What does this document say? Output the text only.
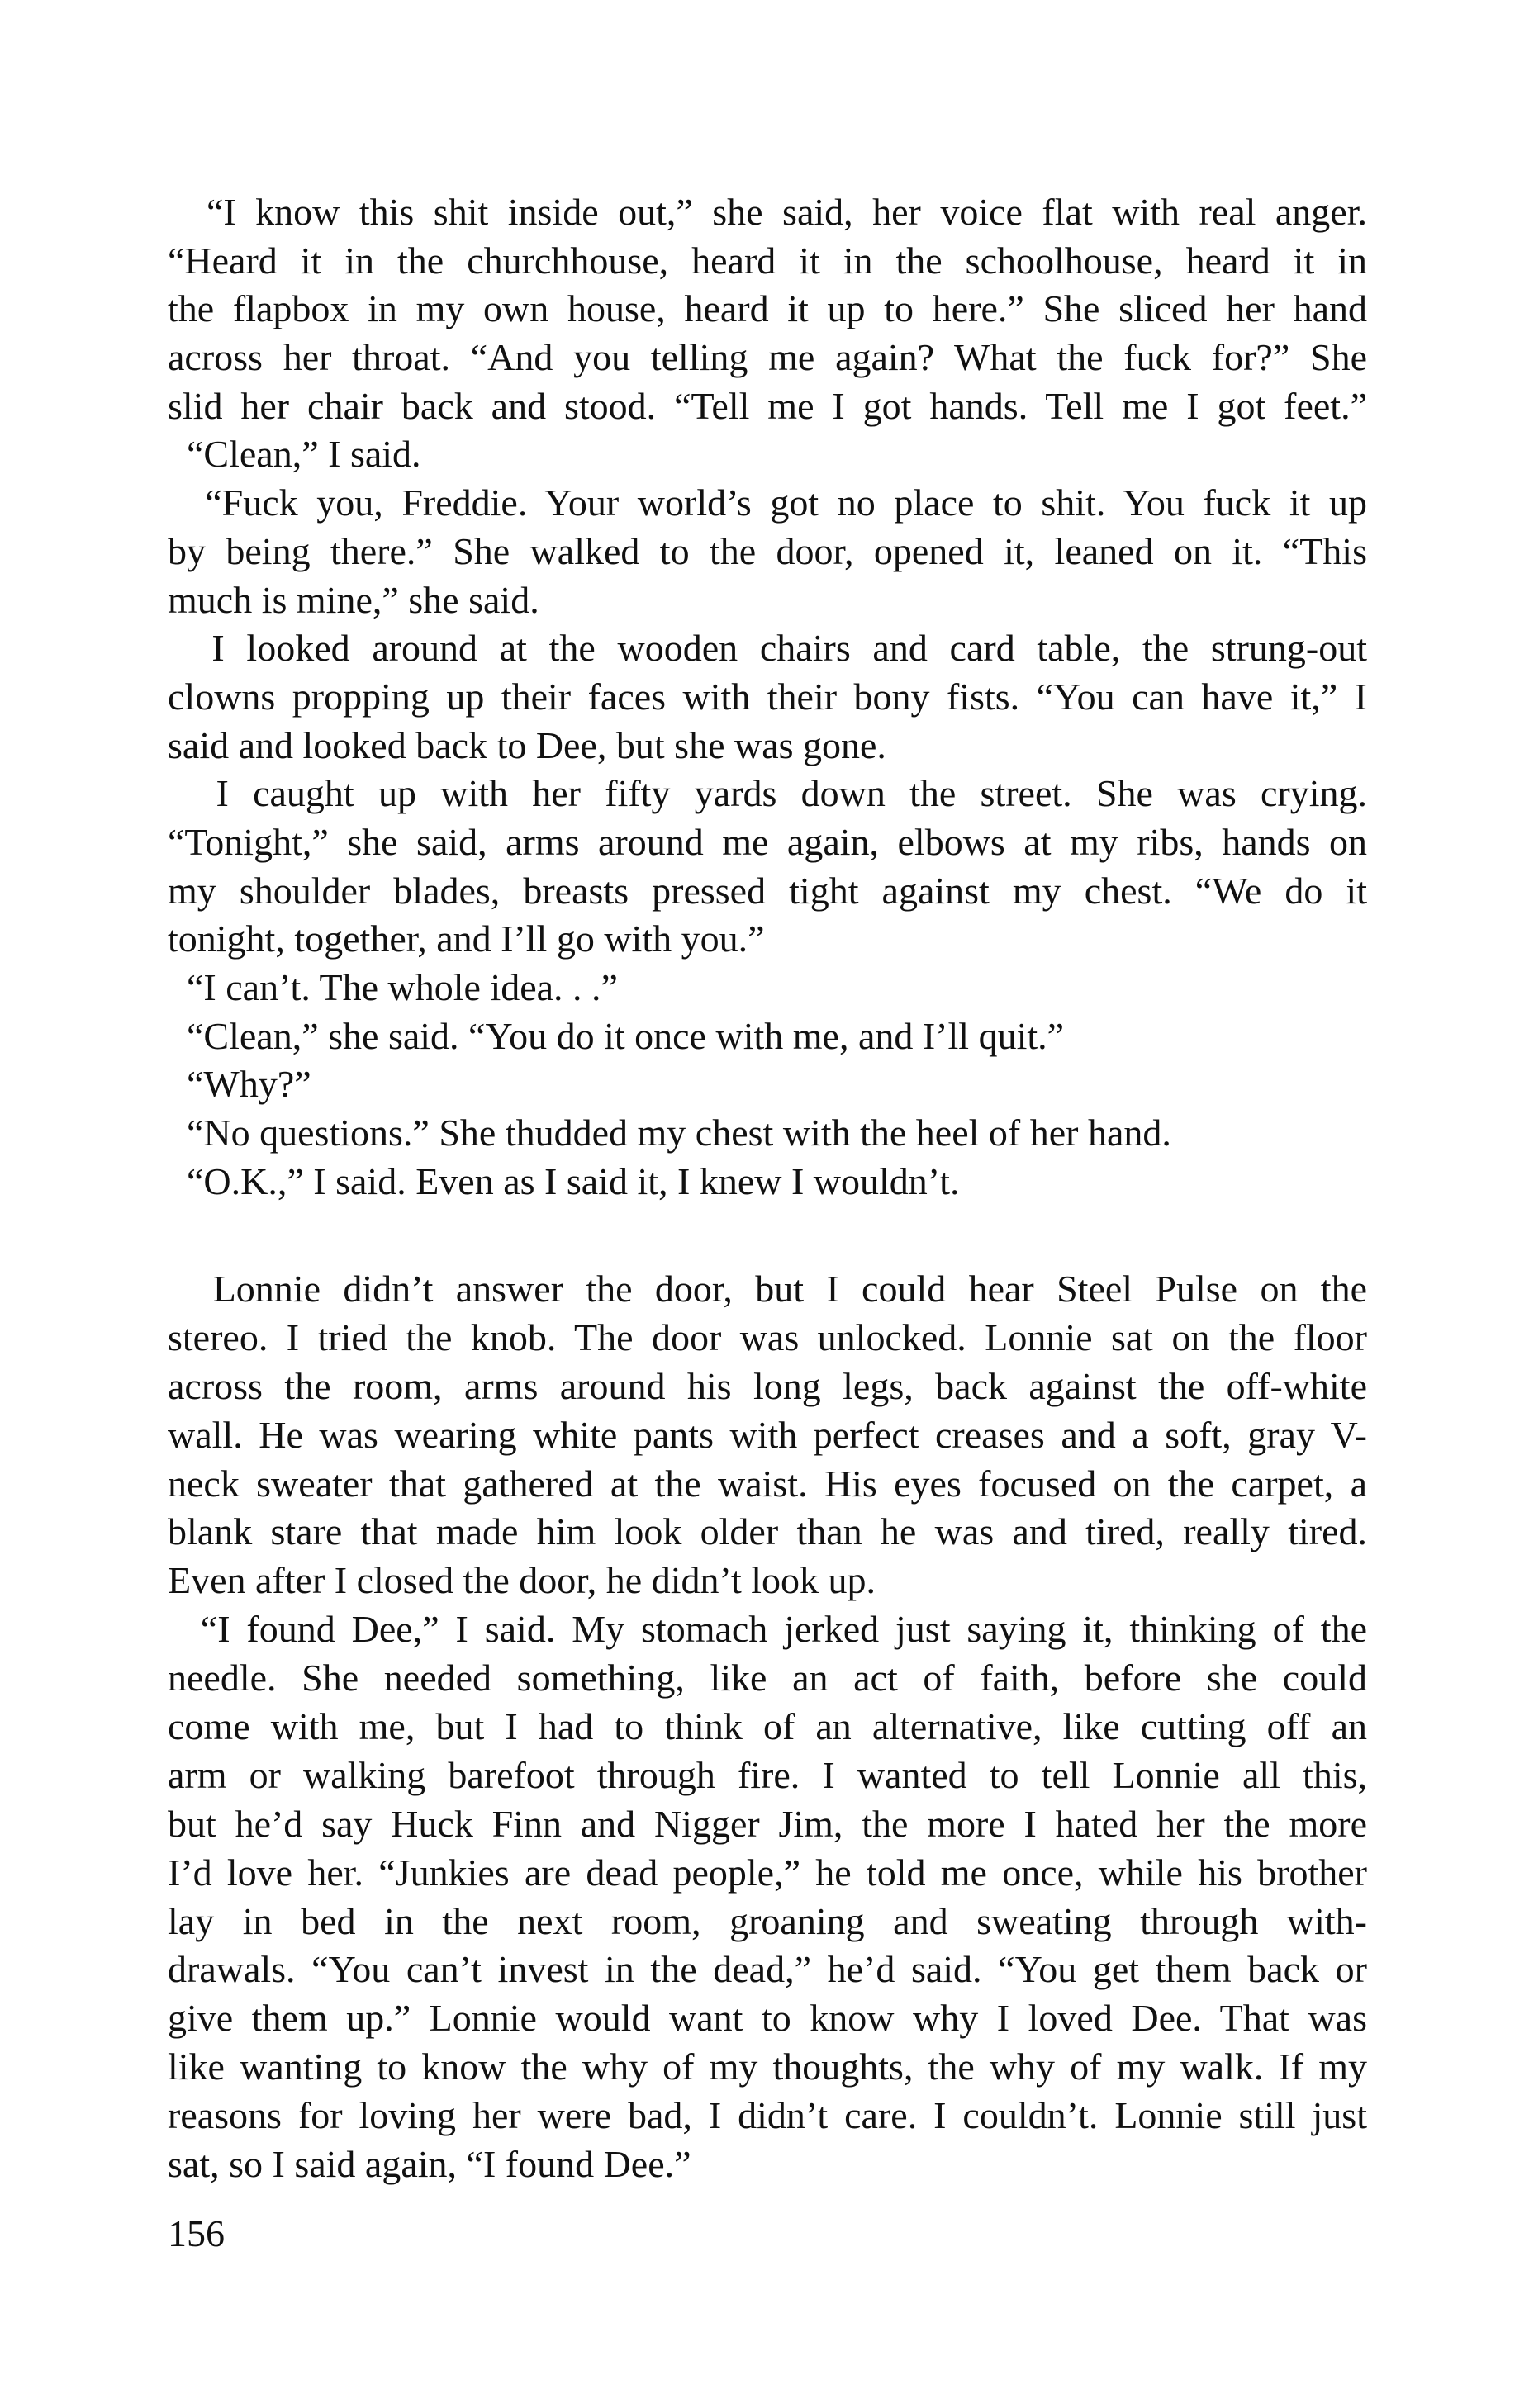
“I know this shit inside out,” she said, her voice flat with real anger.
“Heard it in the churchhouse, heard it in the schoolhouse, heard it in
the flapbox in my own house, heard it up to here.” She sliced her hand
across her throat. “And you telling me again? What the fuck for?” She
slid her chair back and stood. “Tell me I got hands. Tell me I got feet.”
“Clean,” I said.
“Fuck you, Freddie. Your world’s got no place to shit. You fuck it up
by being there.” She walked to the door, opened it, leaned on it. “This
much is mine,” she said.
I looked around at the wooden chairs and card table, the strung-out
clowns propping up their faces with their bony fists. “You can have it,” I
said and looked back to Dee, but she was gone.
I caught up with her fifty yards down the street. She was crying.
“Tonight,” she said, arms around me again, elbows at my ribs, hands on
my shoulder blades, breasts pressed tight against my chest. “We do it
tonight, together, and I’ll go with you.”
“I can’t. The whole idea. . .”
“Clean,” she said. “You do it once with me, and I’ll quit.”
“Why?”
“No questions.” She thudded my chest with the heel of her hand.
“O.K.,” I said. Even as I said it, I knew I wouldn’t.
Lonnie didn’t answer the door, but I could hear Steel Pulse on the
stereo. I tried the knob. The door was unlocked. Lonnie sat on the floor
across the room, arms around his long legs, back against the off-white
wall. He was wearing white pants with perfect creases and a soft, gray V-
neck sweater that gathered at the waist. His eyes focused on the carpet, a
blank stare that made him look older than he was and tired, really tired.
Even after I closed the door, he didn’t look up.
“I found Dee,” I said. My stomach jerked just saying it, thinking of the
needle. She needed something, like an act of faith, before she could
come with me, but I had to think of an alternative, like cutting off an
arm or walking barefoot through fire. I wanted to tell Lonnie all this,
but he’d say Huck Finn and Nigger Jim, the more I hated her the more
I’d love her. “Junkies are dead people,” he told me once, while his brother
lay in bed in the next room, groaning and sweating through with-
drawals. “You can’t invest in the dead,” he’d said. “You get them back or
give them up.” Lonnie would want to know why I loved Dee. That was
like wanting to know the why of my thoughts, the why of my walk. If my
reasons for loving her were bad, I didn’t care. I couldn’t. Lonnie still just
sat, so I said again, “I found Dee.”
156
